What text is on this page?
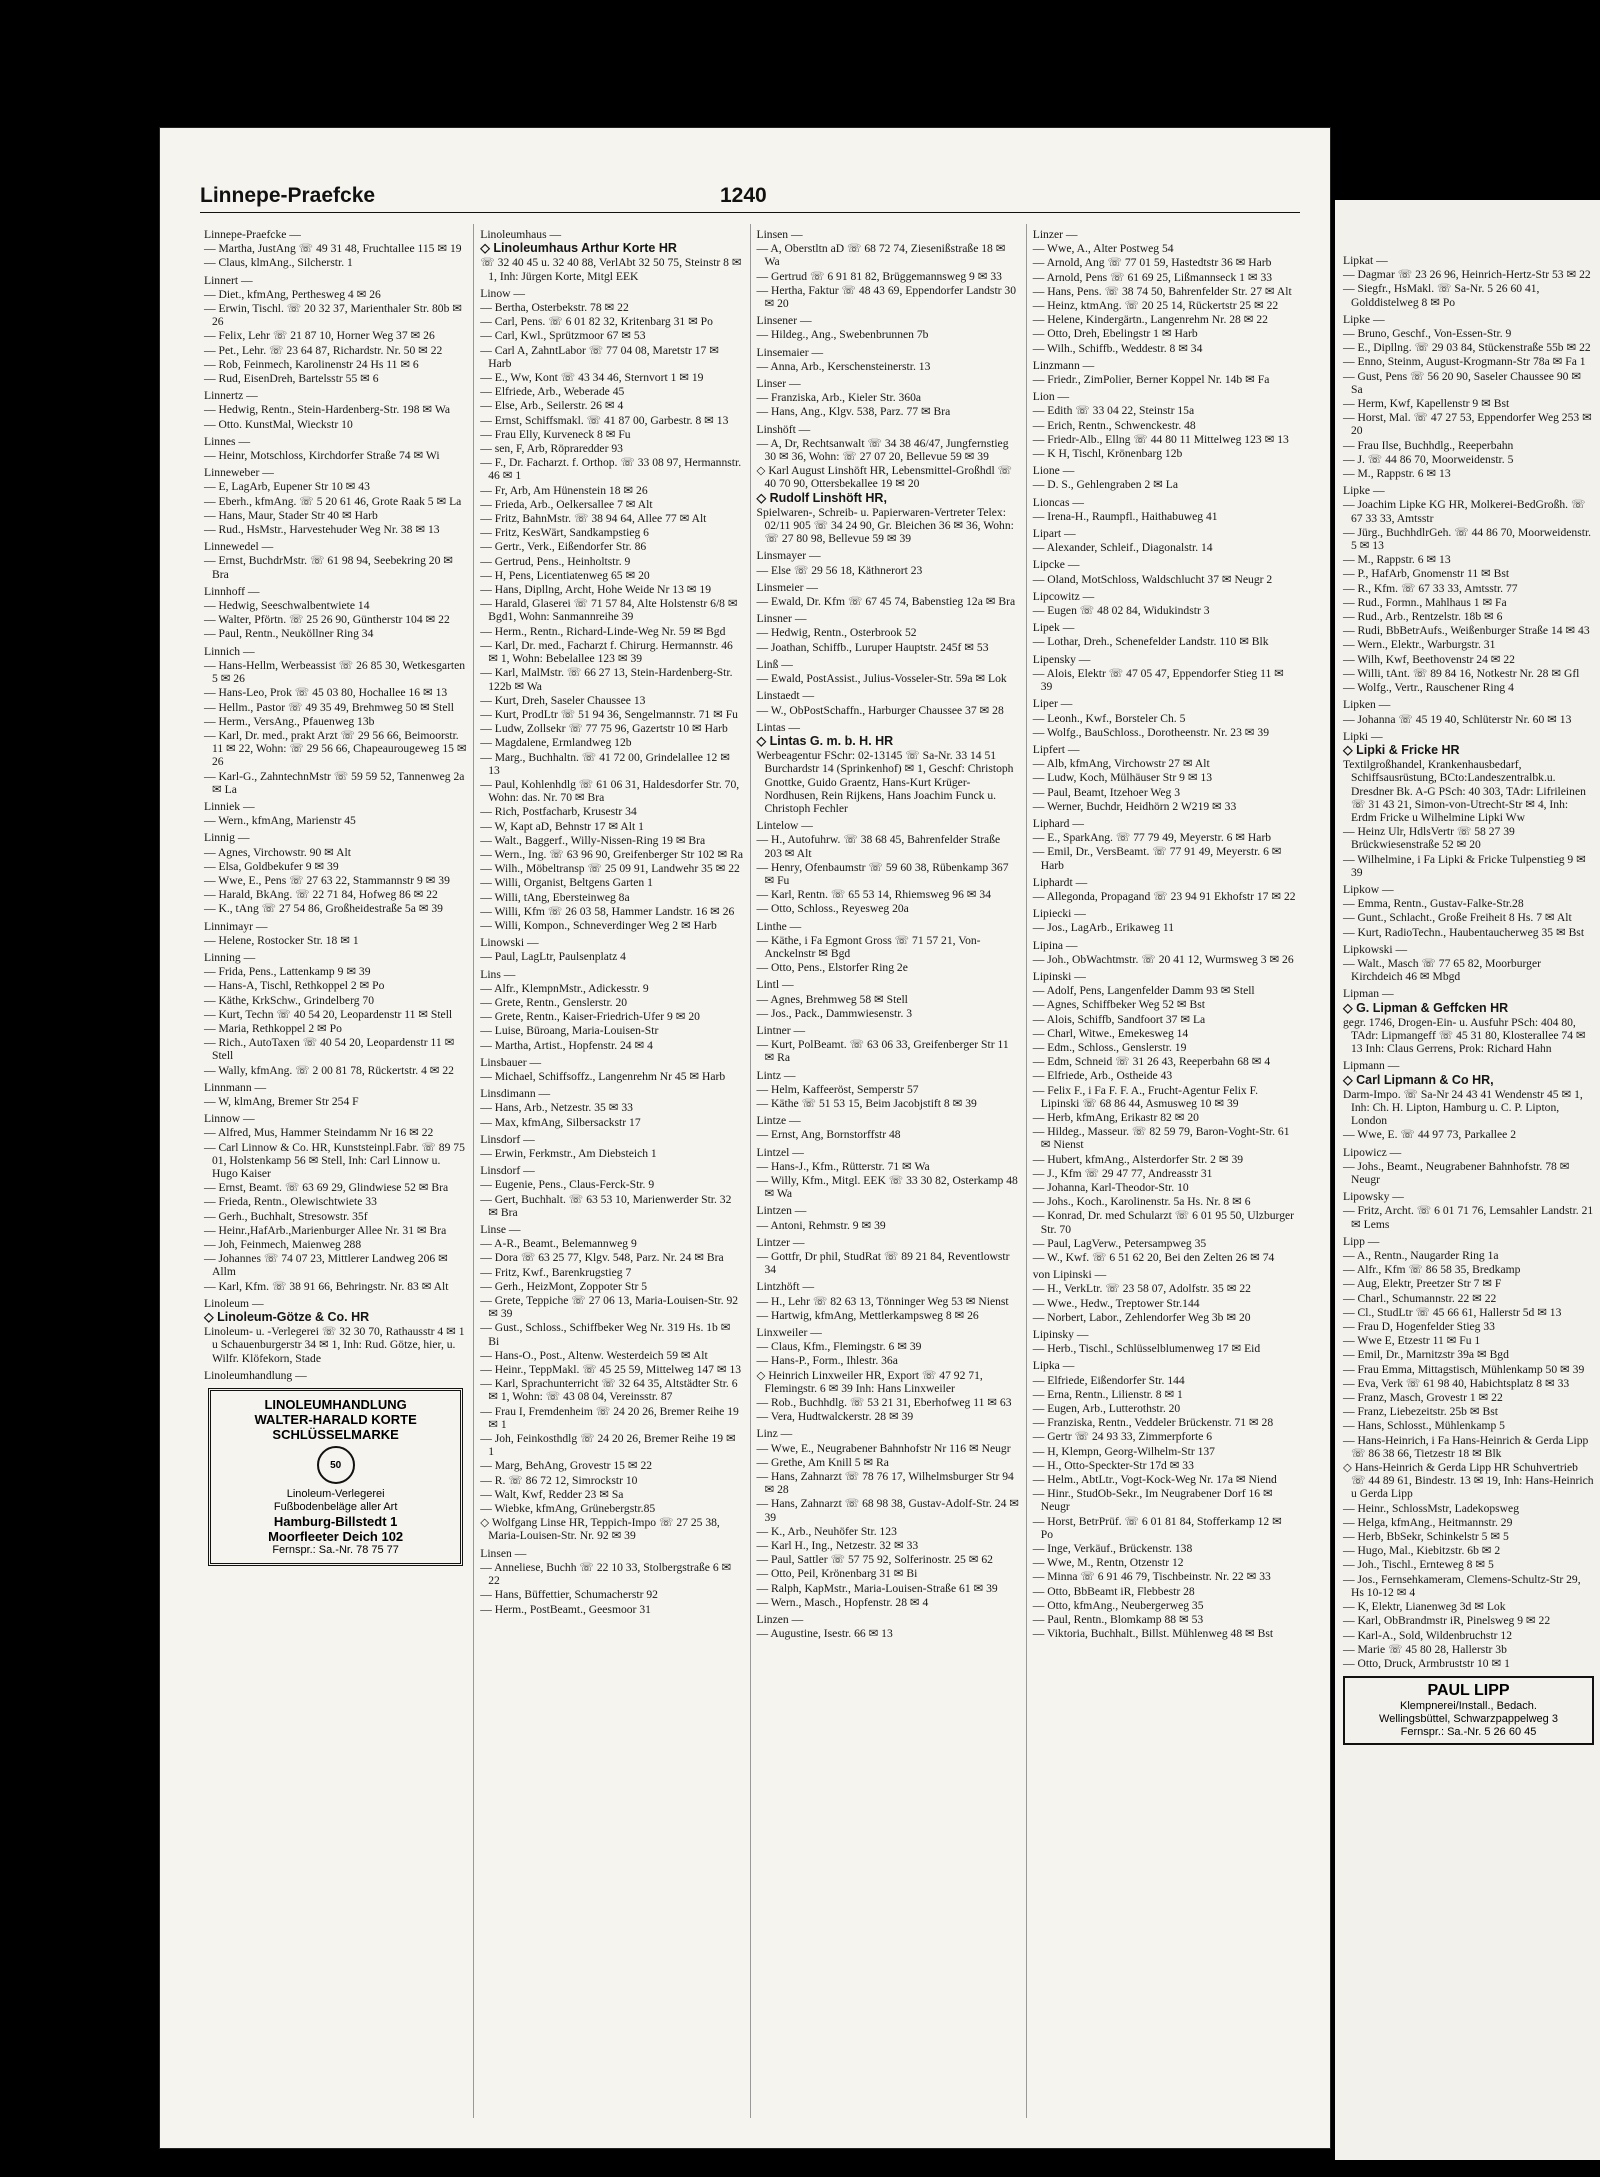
Linnepe-Praefcke	1240
Linnepe-Praefcke —
— Martha, JustAng ☏ 49 31 48, Fruchtallee 115 ✉ 19
— Claus, klmAng., Silcherstr. 1
Linnert —
— Diet., kfmAng, Perthesweg 4 ✉ 26
— Erwin, Tischl. ☏ 20 32 37, Marienthaler Str. 80b ✉ 26
— Felix, Lehr ☏ 21 87 10, Horner Weg 37 ✉ 26
— Pet., Lehr. ☏ 23 64 87, Richardstr. Nr. 50 ✉ 22
— Rob, Feinmech, Karolinenstr 24 Hs 11 ✉ 6
— Rud, EisenDreh, Bartelsstr 55 ✉ 6
Linnertz —
— Hedwig, Rentn., Stein-Hardenberg-Str. 198 ✉ Wa
— Otto. KunstMal, Wieckstr 10
Linnes —
— Heinr, Motschloss, Kirchdorfer Straße 74 ✉ Wi
Linneweber —
— E, LagArb, Eupener Str 10 ✉ 43
— Eberh., kfmAng. ☏ 5 20 61 46, Grote Raak 5 ✉ La
— Hans, Maur, Stader Str 40 ✉ Harb
— Rud., HsMstr., Harvestehuder Weg Nr. 38 ✉ 13
Linnewedel —
— Ernst, BuchdrMstr. ☏ 61 98 94, Seebekring 20 ✉ Bra
Linnhoff —
— Hedwig, Seeschwalbentwiete 14
— Walter, Pförtn. ☏ 25 26 90, Güntherstr 104 ✉ 22
— Paul, Rentn., Neuköllner Ring 34
Linnich —
— Hans-Hellm, Werbeassist ☏ 26 85 30, Wetkesgarten 5 ✉ 26
— Hans-Leo, Prok ☏ 45 03 80, Hochallee 16 ✉ 13
— Hellm., Pastor ☏ 49 35 49, Brehmweg 50 ✉ Stell
— Herm., VersAng., Pfauenweg 13b
— Karl, Dr. med., prakt Arzt ☏ 29 56 66, Beimoorstr. 11 ✉ 22, Wohn: ☏ 29 56 66, Chapeaurougeweg 15 ✉ 26
— Karl-G., ZahntechnMstr ☏ 59 59 52, Tannenweg 2a ✉ La
Linniek —
— Wern., kfmAng, Marienstr 45
Linnig —
— Agnes, Virchowstr. 90 ✉ Alt
— Elsa, Goldbekufer 9 ✉ 39
— Wwe, E., Pens ☏ 27 63 22, Stammannstr 9 ✉ 39
— Harald, BkAng. ☏ 22 71 84, Hofweg 86 ✉ 22
— K., tAng ☏ 27 54 86, Großheidestraße 5a ✉ 39
Linnimayr —
— Helene, Rostocker Str. 18 ✉ 1
Linning —
— Frida, Pens., Lattenkamp 9 ✉ 39
— Hans-A, Tischl, Rethkoppel 2 ✉ Po
— Käthe, KrkSchw., Grindelberg 70
— Kurt, Techn ☏ 40 54 20, Leopardenstr 11 ✉ Stell
— Maria, Rethkoppel 2 ✉ Po
— Rich., AutoTaxen ☏ 40 54 20, Leopardenstr 11 ✉ Stell
— Wally, kfmAng. ☏ 2 00 81 78, Rückertstr. 4 ✉ 22
Linnmann —
— W, klmAng, Bremer Str 254 F
Linnow —
— Alfred, Mus, Hammer Steindamm Nr 16 ✉ 22
— Carl Linnow & Co. HR, Kunststeinpl.Fabr. ☏ 89 75 01, Holstenkamp 56 ✉ Stell, Inh: Carl Linnow u. Hugo Kaiser
— Ernst, Beamt. ☏ 63 69 29, Glindwiese 52 ✉ Bra
— Frieda, Rentn., Olewischtwiete 33
— Gerh., Buchhalt, Stresowstr. 35f
— Heinr.,HafArb.,Marienburger Allee Nr. 31 ✉ Bra
— Joh, Feinmech, Maienweg 288
— Johannes ☏ 74 07 23, Mittlerer Landweg 206 ✉ Allm
— Karl, Kfm. ☏ 38 91 66, Behringstr. Nr. 83 ✉ Alt
Linoleum —
◇ Linoleum-Götze & Co. HR
Linoleum- u. -Verlegerei ☏ 32 30 70, Rathausstr 4 ✉ 1 u Schauenburgerstr 34 ✉ 1, Inh: Rud. Götze, hier, u. Wilfr. Klöfekorn, Stade
Linoleumhandlung —
LINOLEUMHANDLUNG
WALTER-HARALD KORTE
SCHLÜSSELMARKE
50
Linoleum-Verlegerei
Fußbodenbeläge aller Art
Hamburg-Billstedt 1
Moorfleeter Deich 102
Fernspr.: Sa.-Nr. 78 75 77
Linoleumhaus —
◇ Linoleumhaus Arthur Korte HR
☏ 32 40 45 u. 32 40 88, VerlAbt 32 50 75, Steinstr 8 ✉ 1, Inh: Jürgen Korte, Mitgl EEK
Linow —
— Bertha, Osterbekstr. 78 ✉ 22
— Carl, Pens. ☏ 6 01 82 32, Kritenbarg 31 ✉ Po
— Carl, Kwl., Sprützmoor 67 ✉ 53
— Carl A, ZahntLabor ☏ 77 04 08, Maretstr 17 ✉ Harb
— E., Ww, Kont ☏ 43 34 46, Sternvort 1 ✉ 19
— Elfriede, Arb., Weberade 45
— Else, Arb., Seilerstr. 26 ✉ 4
— Ernst, Schiffsmakl. ☏ 41 87 00, Garbestr. 8 ✉ 13
— Frau Elly, Kurveneck 8 ✉ Fu
— sen, F, Arb, Röpraredder 93
— F., Dr. Facharzt. f. Orthop. ☏ 33 08 97, Hermannstr. 46 ✉ 1
— Fr, Arb, Am Hünenstein 18 ✉ 26
— Frieda, Arb., Oelkersallee 7 ✉ Alt
— Fritz, BahnMstr. ☏ 38 94 64, Allee 77 ✉ Alt
— Fritz, KesWärt, Sandkampstieg 6
— Gertr., Verk., Eißendorfer Str. 86
— Gertrud, Pens., Heinholtstr. 9
— H, Pens, Licentiatenweg 65 ✉ 20
— Hans, Dipllng, Archt, Hohe Weide Nr 13 ✉ 19
— Harald, Glaserei ☏ 71 57 84, Alte Holstenstr 6/8 ✉ Bgd1, Wohn: Sanmannreihe 39
— Herm., Rentn., Richard-Linde-Weg Nr. 59 ✉ Bgd
— Karl, Dr. med., Facharzt f. Chirurg. Hermannstr. 46 ✉ 1, Wohn: Bebelallee 123 ✉ 39
— Karl, MalMstr. ☏ 66 27 13, Stein-Hardenberg-Str. 122b ✉ Wa
— Kurt, Dreh, Saseler Chaussee 13
— Kurt, ProdLtr ☏ 51 94 36, Sengelmannstr. 71 ✉ Fu
— Ludw, Zollsekr ☏ 77 75 96, Gazertstr 10 ✉ Harb
— Magdalene, Ermlandweg 12b
— Marg., Buchhaltn. ☏ 41 72 00, Grindelallee 12 ✉ 13
— Paul, Kohlenhdlg ☏ 61 06 31, Haldesdorfer Str. 70, Wohn: das. Nr. 70 ✉ Bra
— Rich, Postfacharb, Krusestr 34
— W, Kapt aD, Behnstr 17 ✉ Alt 1
— Walt., Baggerf., Willy-Nissen-Ring 19 ✉ Bra
— Wern., Ing. ☏ 63 96 90, Greifenberger Str 102 ✉ Ra
— Wilh., Möbeltransp ☏ 25 09 91, Landwehr 35 ✉ 22
— Willi, Organist, Beltgens Garten 1
— Willi, tAng, Ebersteinweg 8a
— Willi, Kfm ☏ 26 03 58, Hammer Landstr. 16 ✉ 26
— Willi, Kompon., Schneverdinger Weg 2 ✉ Harb
Linowski —
— Paul, LagLtr, Paulsenplatz 4
Lins —
— Alfr., KlempnMstr., Adickesstr. 9
— Grete, Rentn., Genslerstr. 20
— Grete, Rentn., Kaiser-Friedrich-Ufer 9 ✉ 20
— Luise, Büroang, Maria-Louisen-Str
— Martha, Artist., Hopfenstr. 24 ✉ 4
Linsbauer —
— Michael, Schiffsoffz., Langenrehm Nr 45 ✉ Harb
Linsdimann —
— Hans, Arb., Netzestr. 35 ✉ 33
— Max, kfmAng, Silbersackstr 17
Linsdorf —
— Erwin, Ferkmstr., Am Diebsteich 1
Linsdorf —
— Eugenie, Pens., Claus-Ferck-Str. 9
— Gert, Buchhalt. ☏ 63 53 10, Marienwerder Str. 32 ✉ Bra
Linse —
— A-R., Beamt., Belemannweg 9
— Dora ☏ 63 25 77, Klgv. 548, Parz. Nr. 24 ✉ Bra
— Fritz, Kwf., Barenkrugstieg 7
— Gerh., HeizMont, Zoppoter Str 5
— Grete, Teppiche ☏ 27 06 13, Maria-Louisen-Str. 92 ✉ 39
— Gust., Schloss., Schiffbeker Weg Nr. 319 Hs. 1b ✉ Bi
— Hans-O., Post., Altenw. Westerdeich 59 ✉ Alt
— Heinr., TeppMakl. ☏ 45 25 59, Mittelweg 147 ✉ 13
— Karl, Sprachunterricht ☏ 32 64 35, Altstädter Str. 6 ✉ 1, Wohn: ☏ 43 08 04, Vereinsstr. 87
— Frau I, Fremdenheim ☏ 24 20 26, Bremer Reihe 19 ✉ 1
— Joh, Feinkosthdlg ☏ 24 20 26, Bremer Reihe 19 ✉ 1
— Marg, BehAng, Grovestr 15 ✉ 22
— R. ☏ 86 72 12, Simrockstr 10
— Walt, Kwf, Redder 23 ✉ Sa
— Wiebke, kfmAng, Grünebergstr.85
◇ Wolfgang Linse HR, Teppich-Impo ☏ 27 25 38, Maria-Louisen-Str. Nr. 92 ✉ 39
Linsen —
— Anneliese, Buchh ☏ 22 10 33, Stolbergstraße 6 ✉ 22
— Hans, Büffettier, Schumacherstr 92
— Herm., PostBeamt., Geesmoor 31
Linsen —
— A, Oberstltn aD ☏ 68 72 74, Ziesenißstraße 18 ✉ Wa
— Gertrud ☏ 6 91 81 82, Brüggemannsweg 9 ✉ 33
— Hertha, Faktur ☏ 48 43 69, Eppendorfer Landstr 30 ✉ 20
Linsener —
— Hildeg., Ang., Swebenbrunnen 7b
Linsemaier —
— Anna, Arb., Kerschensteinerstr. 13
Linser —
— Franziska, Arb., Kieler Str. 360a
— Hans, Ang., Klgv. 538, Parz. 77 ✉ Bra
Linshöft —
— A, Dr, Rechtsanwalt ☏ 34 38 46/47, Jungfernstieg 30 ✉ 36, Wohn: ☏ 27 07 20, Bellevue 59 ✉ 39
◇ Karl August Linshöft HR, Lebensmittel-Großhdl ☏ 40 70 90, Ottersbekallee 19 ✉ 20
◇ Rudolf Linshöft HR,
Spielwaren-, Schreib- u. Papierwaren-Vertreter Telex: 02/11 905 ☏ 34 24 90, Gr. Bleichen 36 ✉ 36, Wohn: ☏ 27 80 98, Bellevue 59 ✉ 39
Linsmayer —
— Else ☏ 29 56 18, Käthnerort 23
Linsmeier —
— Ewald, Dr. Kfm ☏ 67 45 74, Babenstieg 12a ✉ Bra
Linsner —
— Hedwig, Rentn., Osterbrook 52
— Joathan, Schiffb., Luruper Hauptstr. 245f ✉ 53
Linß —
— Ewald, PostAssist., Julius-Vosseler-Str. 59a ✉ Lok
Linstaedt —
— W., ObPostSchaffn., Harburger Chaussee 37 ✉ 28
Lintas —
◇ Lintas G. m. b. H. HR
Werbeagentur FSchr: 02-13145 ☏ Sa-Nr. 33 14 51 Burchardstr 14 (Sprinkenhof) ✉ 1, Geschf: Christoph Gnottke, Guido Graentz, Hans-Kurt Krüger-Nordhusen, Rein Rijkens, Hans Joachim Funck u. Christoph Fechler
Lintelow —
— H., Autofuhrw. ☏ 38 68 45, Bahrenfelder Straße 203 ✉ Alt
— Henry, Ofenbaumstr ☏ 59 60 38, Rübenkamp 367 ✉ Fu
— Karl, Rentn. ☏ 65 53 14, Rhiemsweg 96 ✉ 34
— Otto, Schloss., Reyesweg 20a
Linthe —
— Käthe, i Fa Egmont Gross ☏ 71 57 21, Von-Anckelnstr ✉ Bgd
— Otto, Pens., Elstorfer Ring 2e
Lintl —
— Agnes, Brehmweg 58 ✉ Stell
— Jos., Pack., Dammwiesenstr. 3
Lintner —
— Kurt, PolBeamt. ☏ 63 06 33, Greifenberger Str 11 ✉ Ra
Lintz —
— Helm, Kaffeeröst, Semperstr 57
— Käthe ☏ 51 53 15, Beim Jacobjstift 8 ✉ 39
Lintze —
— Ernst, Ang, Bornstorffstr 48
Lintzel —
— Hans-J., Kfm., Rütterstr. 71 ✉ Wa
— Willy, Kfm., Mitgl. EEK ☏ 33 30 82, Osterkamp 48 ✉ Wa
Lintzen —
— Antoni, Rehmstr. 9 ✉ 39
Lintzer —
— Gottfr, Dr phil, StudRat ☏ 89 21 84, Reventlowstr 34
Lintzhöft —
— H., Lehr ☏ 82 63 13, Tönninger Weg 53 ✉ Nienst
— Hartwig, kfmAng, Mettlerkampsweg 8 ✉ 26
Linxweiler —
— Claus, Kfm., Flemingstr. 6 ✉ 39
— Hans-P., Form., Ihlestr. 36a
◇ Heinrich Linxweiler HR, Export ☏ 47 92 71, Flemingstr. 6 ✉ 39 Inh: Hans Linxweiler
— Rob., Buchhdlg. ☏ 53 21 31, Eberhofweg 11 ✉ 63
— Vera, Hudtwalckerstr. 28 ✉ 39
Linz —
— Wwe, E., Neugrabener Bahnhofstr Nr 116 ✉ Neugr
— Grethe, Am Knill 5 ✉ Ra
— Hans, Zahnarzt ☏ 78 76 17, Wilhelmsburger Str 94 ✉ 28
— Hans, Zahnarzt ☏ 68 98 38, Gustav-Adolf-Str. 24 ✉ 39
— K., Arb., Neuhöfer Str. 123
— Karl H., Ing., Netzestr. 32 ✉ 33
— Paul, Sattler ☏ 57 75 92, Solferinostr. 25 ✉ 62
— Otto, Peil, Krönenbarg 31 ✉ Bi
— Ralph, KapMstr., Maria-Louisen-Straße 61 ✉ 39
— Wern., Masch., Hopfenstr. 28 ✉ 4
Linzen —
— Augustine, Isestr. 66 ✉ 13
Linzer —
— Wwe, A., Alter Postweg 54
— Arnold, Ang ☏ 77 01 59, Hastedtstr 36 ✉ Harb
— Arnold, Pens ☏ 61 69 25, Lißmannseck 1 ✉ 33
— Hans, Pens. ☏ 38 74 50, Bahrenfelder Str. 27 ✉ Alt
— Heinz, ktmAng. ☏ 20 25 14, Rückertstr 25 ✉ 22
— Helene, Kindergärtn., Langenrehm Nr. 28 ✉ 22
— Otto, Dreh, Ebelingstr 1 ✉ Harb
— Wilh., Schiffb., Weddestr. 8 ✉ 34
Linzmann —
— Friedr., ZimPolier, Berner Koppel Nr. 14b ✉ Fa
Lion —
— Edith ☏ 33 04 22, Steinstr 15a
— Erich, Rentn., Schwenckestr. 48
— Friedr-Alb., Ellng ☏ 44 80 11 Mittelweg 123 ✉ 13
— K H, Tischl, Krönenbarg 12b
Lione —
— D. S., Gehlengraben 2 ✉ La
Lioncas —
— Irena-H., Raumpfl., Haithabuweg 41
Lipart —
— Alexander, Schleif., Diagonalstr. 14
Lipcke —
— Oland, MotSchloss, Waldschlucht 37 ✉ Neugr 2
Lipcowitz —
— Eugen ☏ 48 02 84, Widukindstr 3
Lipek —
— Lothar, Dreh., Schenefelder Landstr. 110 ✉ Blk
Lipensky —
— Alois, Elektr ☏ 47 05 47, Eppendorfer Stieg 11 ✉ 39
Liper —
— Leonh., Kwf., Borsteler Ch. 5
— Wolfg., BauSchloss., Dorotheenstr. Nr. 23 ✉ 39
Lipfert —
— Alb, kfmAng, Virchowstr 27 ✉ Alt
— Ludw, Koch, Mülhäuser Str 9 ✉ 13
— Paul, Beamt, Itzehoer Weg 3
— Werner, Buchdr, Heidhörn 2 W219 ✉ 33
Liphard —
— E., SparkAng. ☏ 77 79 49, Meyerstr. 6 ✉ Harb
— Emil, Dr., VersBeamt. ☏ 77 91 49, Meyerstr. 6 ✉ Harb
Liphardt —
— Allegonda, Propagand ☏ 23 94 91 Ekhofstr 17 ✉ 22
Lipiecki —
— Jos., LagArb., Erikaweg 11
Lipina —
— Joh., ObWachtmstr. ☏ 20 41 12, Wurmsweg 3 ✉ 26
Lipinski —
— Adolf, Pens, Langenfelder Damm 93 ✉ Stell
— Agnes, Schiffbeker Weg 52 ✉ Bst
— Alois, Schiffb, Sandfoort 37 ✉ La
— Charl, Witwe., Emekesweg 14
— Edm., Schloss., Genslerstr. 19
— Edm, Schneid ☏ 31 26 43, Reeperbahn 68 ✉ 4
— Elfriede, Arb., Ostheide 43
— Felix F., i Fa F. F. A., Frucht-Agentur Felix F. Lipinski ☏ 68 86 44, Asmusweg 10 ✉ 39
— Herb, kfmAng, Erikastr 82 ✉ 20
— Hildeg., Masseur. ☏ 82 59 79, Baron-Voght-Str. 61 ✉ Nienst
— Hubert, kfmAng., Alsterdorfer Str. 2 ✉ 39
— J., Kfm ☏ 29 47 77, Andreasstr 31
— Johanna, Karl-Theodor-Str. 10
— Johs., Koch., Karolinenstr. 5a Hs. Nr. 8 ✉ 6
— Konrad, Dr. med Schularzt ☏ 6 01 95 50, Ulzburger Str. 70
— Paul, LagVerw., Petersampweg 35
— W., Kwf. ☏ 6 51 62 20, Bei den Zelten 26 ✉ 74
von Lipinski —
— H., VerkLtr. ☏ 23 58 07, Adolfstr. 35 ✉ 22
— Wwe., Hedw., Treptower Str.144
— Norbert, Labor., Zehlendorfer Weg 3b ✉ 20
Lipinsky —
— Herb., Tischl., Schlüsselblumenweg 17 ✉ Eid
Lipka —
— Elfriede, Eißendorfer Str. 144
— Erna, Rentn., Lilienstr. 8 ✉ 1
— Eugen, Arb., Lutterothstr. 20
— Franziska, Rentn., Veddeler Brückenstr. 71 ✉ 28
— Gertr ☏ 24 93 33, Zimmerpforte 6
— H, Klempn, Georg-Wilhelm-Str 137
— H., Otto-Speckter-Str 17d ✉ 33
— Helm., AbtLtr., Vogt-Kock-Weg Nr. 17a ✉ Niend
— Hinr., StudOb-Sekr., Im Neugrabener Dorf 16 ✉ Neugr
— Horst, BetrPrüf. ☏ 6 01 81 84, Stofferkamp 12 ✉ Po
— Inge, Verkäuf., Brückenstr. 138
— Wwe, M., Rentn, Otzenstr 12
— Minna ☏ 6 91 46 79, Tischbeinstr. Nr. 22 ✉ 33
— Otto, BbBeamt iR, Flebbestr 28
— Otto, kfmAng., Neubergerweg 35
— Paul, Rentn., Blomkamp 88 ✉ 53
— Viktoria, Buchhalt., Billst. Mühlenweg 48 ✉ Bst
Lipkat —
— Dagmar ☏ 23 26 96, Heinrich-Hertz-Str 53 ✉ 22
— Siegfr., HsMakl. ☏ Sa-Nr. 5 26 60 41, Golddistelweg 8 ✉ Po
Lipke —
— Bruno, Geschf., Von-Essen-Str. 9
— E., Dipllng. ☏ 29 03 84, Stückenstraße 55b ✉ 22
— Enno, Steinm, August-Krogmann-Str 78a ✉ Fa 1
— Gust, Pens ☏ 56 20 90, Saseler Chaussee 90 ✉ Sa
— Herm, Kwf, Kapellenstr 9 ✉ Bst
— Horst, Mal. ☏ 47 27 53, Eppendorfer Weg 253 ✉ 20
— Frau Ilse, Buchhdlg., Reeperbahn
— J. ☏ 44 86 70, Moorweidenstr. 5
— M., Rappstr. 6 ✉ 13
Lipke —
— Joachim Lipke KG HR, Molkerei-BedGroßh. ☏ 67 33 33, Amtsstr
— Jürg., BuchhdlrGeh. ☏ 44 86 70, Moorweidenstr. 5 ✉ 13
— M., Rappstr. 6 ✉ 13
— P., HafArb, Gnomenstr 11 ✉ Bst
— R., Kfm. ☏ 67 33 33, Amtsstr. 77
— Rud., Formn., Mahlhaus 1 ✉ Fa
— Rud., Arb., Rentzelstr. 18b ✉ 6
— Rudi, BbBetrAufs., Weißenburger Straße 14 ✉ 43
— Wern., Elektr., Warburgstr. 31
— Wilh, Kwf, Beethovenstr 24 ✉ 22
— Willi, tAnt. ☏ 89 84 16, Notkestr Nr. 28 ✉ Gfl
— Wolfg., Vertr., Rauschener Ring 4
Lipken —
— Johanna ☏ 45 19 40, Schlüterstr Nr. 60 ✉ 13
Lipki —
◇ Lipki & Fricke HR
Textilgroßhandel, Krankenhausbedarf, Schiffsausrüstung, BCto:Landeszentralbk.u. Dresdner Bk. A-G PSch: 40 303, TAdr: Lifrileinen ☏ 31 43 21, Simon-von-Utrecht-Str ✉ 4, Inh: Erdm Fricke u Wilhelmine Lipki Ww
— Heinz Ulr, HdlsVertr ☏ 58 27 39 Brückwiesenstraße 52 ✉ 20
— Wilhelmine, i Fa Lipki & Fricke Tulpenstieg 9 ✉ 39
Lipkow —
— Emma, Rentn., Gustav-Falke-Str.28
— Gunt., Schlacht., Große Freiheit 8 Hs. 7 ✉ Alt
— Kurt, RadioTechn., Haubentaucherweg 35 ✉ Bst
Lipkowski —
— Walt., Masch ☏ 77 65 82, Moorburger Kirchdeich 46 ✉ Mbgd
Lipman —
◇ G. Lipman & Geffcken HR
gegr. 1746, Drogen-Ein- u. Ausfuhr PSch: 404 80, TAdr: Lipmangeff ☏ 45 31 80, Klosterallee 74 ✉ 13 Inh: Claus Gerrens, Prok: Richard Hahn
Lipmann —
◇ Carl Lipmann & Co HR,
Darm-Impo. ☏ Sa-Nr 24 43 41 Wendenstr 45 ✉ 1, Inh: Ch. H. Lipton, Hamburg u. C. P. Lipton, London
— Wwe, E. ☏ 44 97 73, Parkallee 2
Lipowicz —
— Johs., Beamt., Neugrabener Bahnhofstr. 78 ✉ Neugr
Lipowsky —
— Fritz, Archt. ☏ 6 01 71 76, Lemsahler Landstr. 21 ✉ Lems
Lipp —
— A., Rentn., Naugarder Ring 1a
— Alfr., Kfm ☏ 86 58 35, Bredkamp
— Aug, Elektr, Preetzer Str 7 ✉ F
— Charl., Schumannstr. 22 ✉ 22
— Cl., StudLtr ☏ 45 66 61, Hallerstr 5d ✉ 13
— Frau D, Hogenfelder Stieg 33
— Wwe E, Etzestr 11 ✉ Fu 1
— Emil, Dr., Marnitzstr 39a ✉ Bgd
— Frau Emma, Mittagstisch, Mühlenkamp 50 ✉ 39
— Eva, Verk ☏ 61 98 40, Habichtsplatz 8 ✉ 33
— Franz, Masch, Grovestr 1 ✉ 22
— Franz, Liebezeitstr. 25b ✉ Bst
— Hans, Schlosst., Mühlenkamp 5
— Hans-Heinrich, i Fa Hans-Heinrich & Gerda Lipp ☏ 86 38 66, Tietzestr 18 ✉ Blk
◇ Hans-Heinrich & Gerda Lipp HR Schuhvertrieb ☏ 44 89 61, Bindestr. 13 ✉ 19, Inh: Hans-Heinrich u Gerda Lipp
— Heinr., SchlossMstr, Ladekopsweg
— Helga, kfmAng., Heitmannstr. 29
— Herb, BbSekr, Schinkelstr 5 ✉ 5
— Hugo, Mal., Kiebitzstr. 6b ✉ 2
— Joh., Tischl., Ernteweg 8 ✉ 5
— Jos., Fernsehkameram, Clemens-Schultz-Str 29, Hs 10-12 ✉ 4
— K, Elektr, Lianenweg 3d ✉ Lok
— Karl, ObBrandmstr iR, Pinelsweg 9 ✉ 22
— Karl-A., Sold, Wildenbruchstr 12
— Marie ☏ 45 80 28, Hallerstr 3b
— Otto, Druck, Armbruststr 10 ✉ 1
PAUL LIPP
Klempnerei/Install., Bedach.
Wellingsbüttel, Schwarzpappelweg 3
Fernspr.: Sa.-Nr. 5 26 60 45
